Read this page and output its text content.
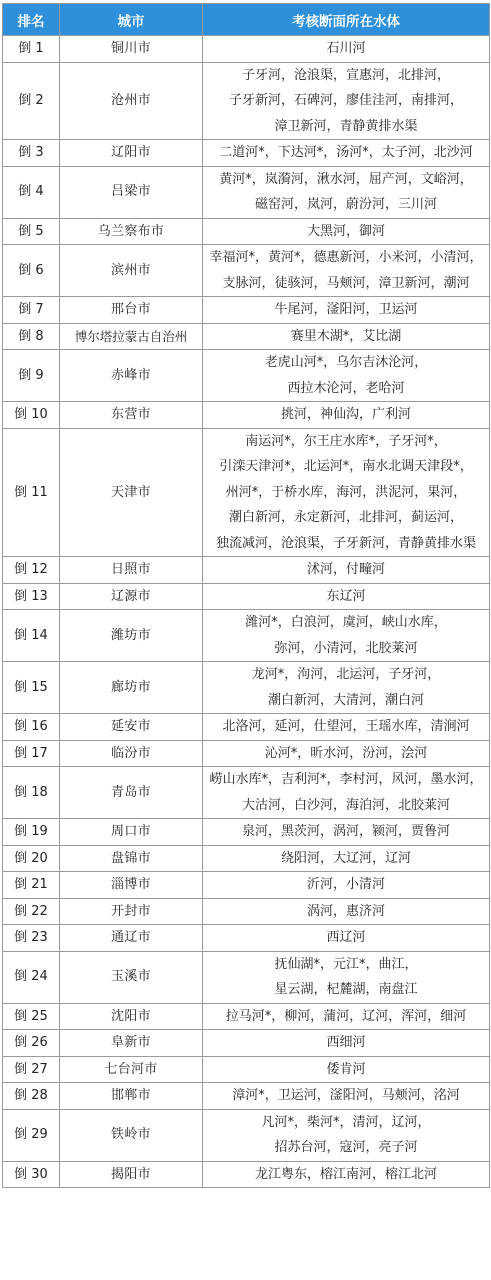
排名	城市	考核断面所在水体
倒 1	铜川市	石川河

倒 2	沧州市	子牙河，沧浪渠，宣惠河，北排河，
子牙新河，石碑河，廖佳洼河，南排河，
漳卫新河，青静黄排水渠

倒 3	辽阳市	二道河*，下达河*，汤河*，太子河，北沙河

倒 4	吕梁市	黄河*，岚漪河，湫水河，屈产河，文峪河，
磁窑河，岚河，蔚汾河，三川河

倒 5	乌兰察布市	大黑河，御河

倒 6	滨州市	幸福河*，黄河*，德惠新河，小米河，小清河，
支脉河，徒骇河，马颊河，漳卫新河，潮河

倒 7	邢台市	牛尾河，滏阳河，卫运河

倒 8	博尔塔拉蒙古自治州	赛里木湖*，艾比湖

倒 9	赤峰市	老虎山河*，乌尔吉沐沦河，
西拉木沦河，老哈河

倒 10	东营市	挑河，神仙沟，广利河

倒 11	天津市	南运河*，尔王庄水库*，子牙河*，
引滦天津河*，北运河*，南水北调天津段*，
州河*，于桥水库，海河，洪泥河，果河，
潮白新河，永定新河，北排河，蓟运河，
独流减河，沧浪渠，子牙新河，青静黄排水渠

倒 12	日照市	沭河，付疃河

倒 13	辽源市	东辽河

倒 14	潍坊市	潍河*，白浪河，虞河，峡山水库，
弥河，小清河，北胶莱河

倒 15	廊坊市	龙河*，泃河，北运河，子牙河，
潮白新河，大清河，潮白河

倒 16	延安市	北洛河，延河，仕望河，王瑶水库，清涧河

倒 17	临汾市	沁河*，昕水河，汾河，浍河

倒 18	青岛市	崂山水库*，吉利河*，李村河，风河，墨水河，
大沽河，白沙河，海泊河，北胶莱河

倒 19	周口市	泉河，黑茨河，涡河，颍河，贾鲁河

倒 20	盘锦市	绕阳河，大辽河，辽河

倒 21	淄博市	沂河，小清河

倒 22	开封市	涡河，惠济河

倒 23	通辽市	西辽河

倒 24	玉溪市	抚仙湖*，元江*，曲江，
星云湖，杞麓湖，南盘江

倒 25	沈阳市	拉马河*，柳河，蒲河，辽河，浑河，细河

倒 26	阜新市	西细河

倒 27	七台河市	倭肯河

倒 28	邯郸市	漳河*，卫运河，滏阳河，马颊河，洺河

倒 29	铁岭市	凡河*，柴河*，清河，辽河，
招苏台河，寇河，亮子河

倒 30	揭阳市	龙江粤东，榕江南河，榕江北河
